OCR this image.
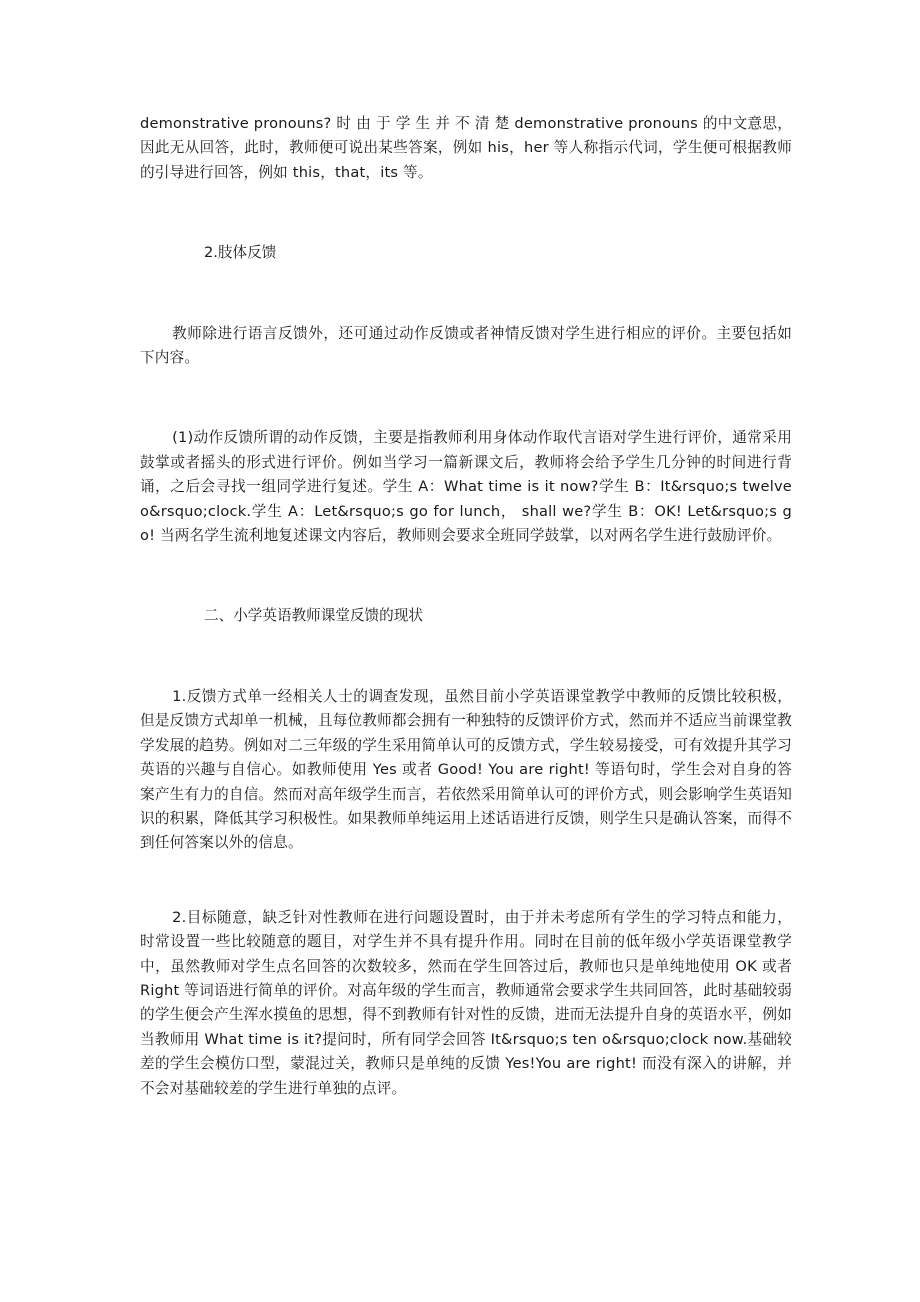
demonstrative pronouns? 时 由 于 学 生 并 不 清 楚 demonstrative pronouns 的中文意思，因此无从回答，此时，教师便可说出某些答案，例如 his，her 等人称指示代词，学生便可根据教师的引导进行回答，例如 this，that，its 等。

2.肢体反馈

教师除进行语言反馈外，还可通过动作反馈或者神情反馈对学生进行相应的评价。主要包括如下内容。

(1)动作反馈所谓的动作反馈，主要是指教师利用身体动作取代言语对学生进行评价，通常采用鼓掌或者摇头的形式进行评价。例如当学习一篇新课文后，教师将会给予学生几分钟的时间进行背诵，之后会寻找一组同学进行复述。学生 A：What time is it now?学生 B：It&rsquo;s twelve o&rsquo;clock.学生 A：Let&rsquo;s go for lunch， shall we?学生 B：OK! Let&rsquo;s go! 当两名学生流利地复述课文内容后，教师则会要求全班同学鼓掌，以对两名学生进行鼓励评价。

二、小学英语教师课堂反馈的现状

1.反馈方式单一经相关人士的调查发现，虽然目前小学英语课堂教学中教师的反馈比较积极，但是反馈方式却单一机械，且每位教师都会拥有一种独特的反馈评价方式，然而并不适应当前课堂教学发展的趋势。例如对二三年级的学生采用简单认可的反馈方式，学生较易接受，可有效提升其学习英语的兴趣与自信心。如教师使用 Yes 或者 Good! You are right! 等语句时，学生会对自身的答案产生有力的自信。然而对高年级学生而言，若依然采用简单认可的评价方式，则会影响学生英语知识的积累，降低其学习积极性。如果教师单纯运用上述话语进行反馈，则学生只是确认答案，而得不到任何答案以外的信息。

2.目标随意，缺乏针对性教师在进行问题设置时，由于并未考虑所有学生的学习特点和能力，时常设置一些比较随意的题目，对学生并不具有提升作用。同时在目前的低年级小学英语课堂教学中，虽然教师对学生点名回答的次数较多，然而在学生回答过后，教师也只是单纯地使用 OK 或者 Right 等词语进行简单的评价。对高年级的学生而言，教师通常会要求学生共同回答，此时基础较弱的学生便会产生浑水摸鱼的思想，得不到教师有针对性的反馈，进而无法提升自身的英语水平，例如当教师用 What time is it?提问时，所有同学会回答 It&rsquo;s ten o&rsquo;clock now.基础较差的学生会模仿口型，蒙混过关，教师只是单纯的反馈 Yes!You are right! 而没有深入的讲解，并不会对基础较差的学生进行单独的点评。
